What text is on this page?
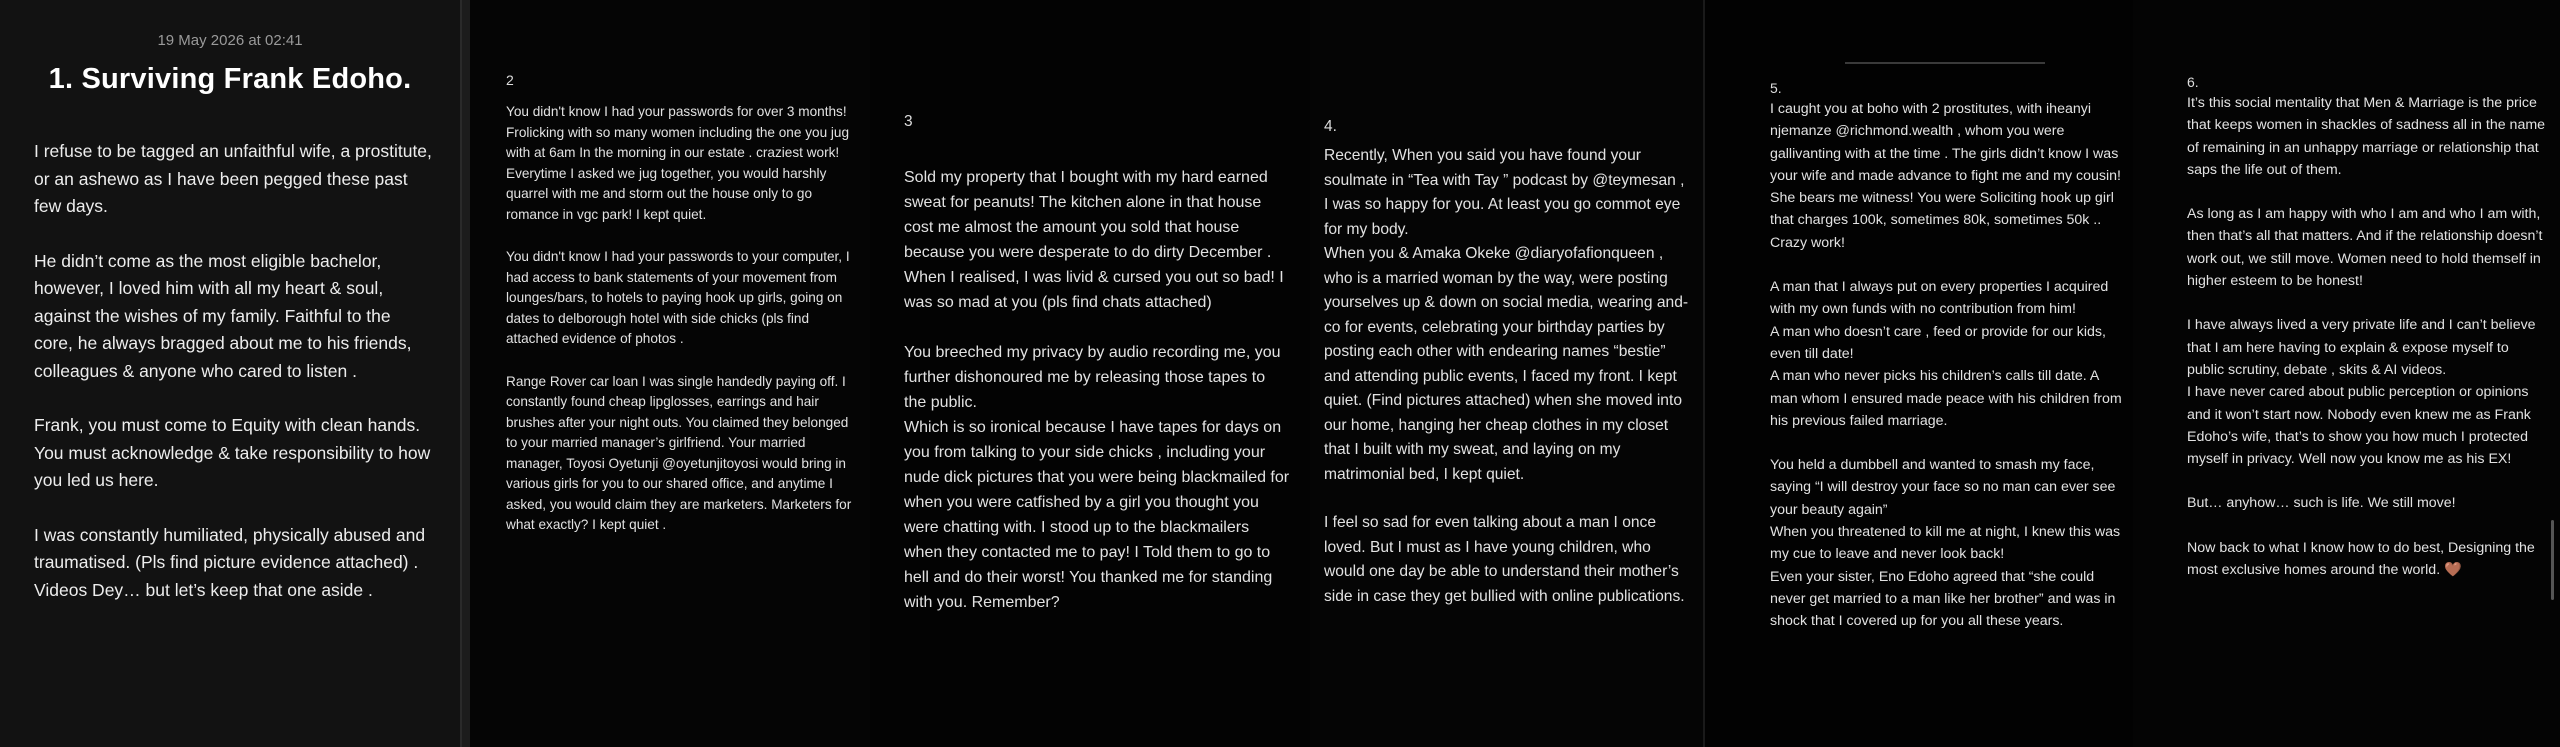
19 May 2026 at 02:41
1. Surviving Frank Edoho.

I refuse to be tagged an unfaithful wife, a prostitute, or an ashewo as I have been pegged these past few days.

He didn’t come as the most eligible bachelor, however, I loved him with all my heart & soul, against the wishes of my family. Faithful to the core, he always bragged about me to his friends, colleagues & anyone who cared to listen .

Frank, you must come to Equity with clean hands. You must acknowledge & take responsibility to how you led us here.

I was constantly humiliated, physically abused and traumatised. (Pls find picture evidence attached) . Videos Dey… but let’s keep that one aside .

2

You didn't know I had your passwords for over 3 months! Frolicking with so many women including the one you jug with at 6am In the morning in our estate . craziest work! Everytime I asked we jug together, you would harshly quarrel with me and storm out the house only to go romance in vgc park! I kept quiet.

You didn't know I had your passwords to your computer, I had access to bank statements of your movement from lounges/bars, to hotels to paying hook up girls, going on dates to delborough hotel with side chicks (pls find attached evidence of photos .

Range Rover car loan I was single handedly paying off. I constantly found cheap lipglosses, earrings and hair brushes after your night outs. You claimed they belonged to your married manager’s girlfriend. Your married manager, Toyosi Oyetunji @oyetunjitoyosi would bring in various girls for you to our shared office, and anytime I asked, you would claim they are marketers. Marketers for what exactly? I kept quiet .

3

Sold my property that I bought with my hard earned sweat for peanuts! The kitchen alone in that house cost me almost the amount you sold that house because you were desperate to do dirty December . When I realised, I was livid & cursed you out so bad! I was so mad at you (pls find chats attached)

You breeched my privacy by audio recording me, you further dishonoured me by releasing those tapes to the public.
Which is so ironical because I have tapes for days on you from talking to your side chicks , including your nude dick pictures that you were being blackmailed for when you were catfished by a girl you thought you were chatting with. I stood up to the blackmailers when they contacted me to pay! I Told them to go to hell and do their worst! You thanked me for standing with you. Remember?

4.

Recently, When you said you have found your soulmate in “Tea with Tay ” podcast by @teymesan , I was so happy for you. At least you go commot eye for my body.
When you & Amaka Okeke @diaryofafionqueen , who is a married woman by the way, were posting yourselves up & down on social media, wearing and-co for events, celebrating your birthday parties by posting each other with endearing names “bestie” and attending public events, I faced my front. I kept quiet. (Find pictures attached) when she moved into our home, hanging her cheap clothes in my closet that I built with my sweat, and laying on my matrimonial bed, I kept quiet.

I feel so sad for even talking about a man I once loved. But I must as I have young children, who would one day be able to understand their mother’s side in case they get bullied with online publications.

5.

I caught you at boho with 2 prostitutes, with iheanyi njemanze @richmond.wealth , whom you were gallivanting with at the time . The girls didn’t know I was your wife and made advance to fight me and my cousin! She bears me witness! You were Soliciting hook up girl that charges 100k, sometimes 80k, sometimes 50k ..
Crazy work!

A man that I always put on every properties I acquired with my own funds with no contribution from him!
A man who doesn’t care , feed or provide for our kids, even till date!
A man who never picks his children’s calls till date. A man whom I ensured made peace with his children from his previous failed marriage.

You held a dumbbell and wanted to smash my face, saying “I will destroy your face so no man can ever see your beauty again”
When you threatened to kill me at night, I knew this was my cue to leave and never look back!
Even your sister, Eno Edoho agreed that “she could never get married to a man like her brother” and was in shock that I covered up for you all these years.

6.

It’s this social mentality that Men & Marriage is the price that keeps women in shackles of sadness all in the name of remaining in an unhappy marriage or relationship that saps the life out of them.

As long as I am happy with who I am and who I am with, then that’s all that matters. And if the relationship doesn’t work out, we still move. Women need to hold themself in higher esteem to be honest!

I have always lived a very private life and I can’t believe that I am here having to explain & expose myself to public scrutiny, debate , skits & AI videos.
I have never cared about public perception or opinions and it won’t start now. Nobody even knew me as Frank Edoho’s wife, that’s to show you how much I protected myself in privacy. Well now you know me as his EX!

But… anyhow… such is life. We still move!

Now back to what I know how to do best, Designing the most exclusive homes around the world. 🤎
